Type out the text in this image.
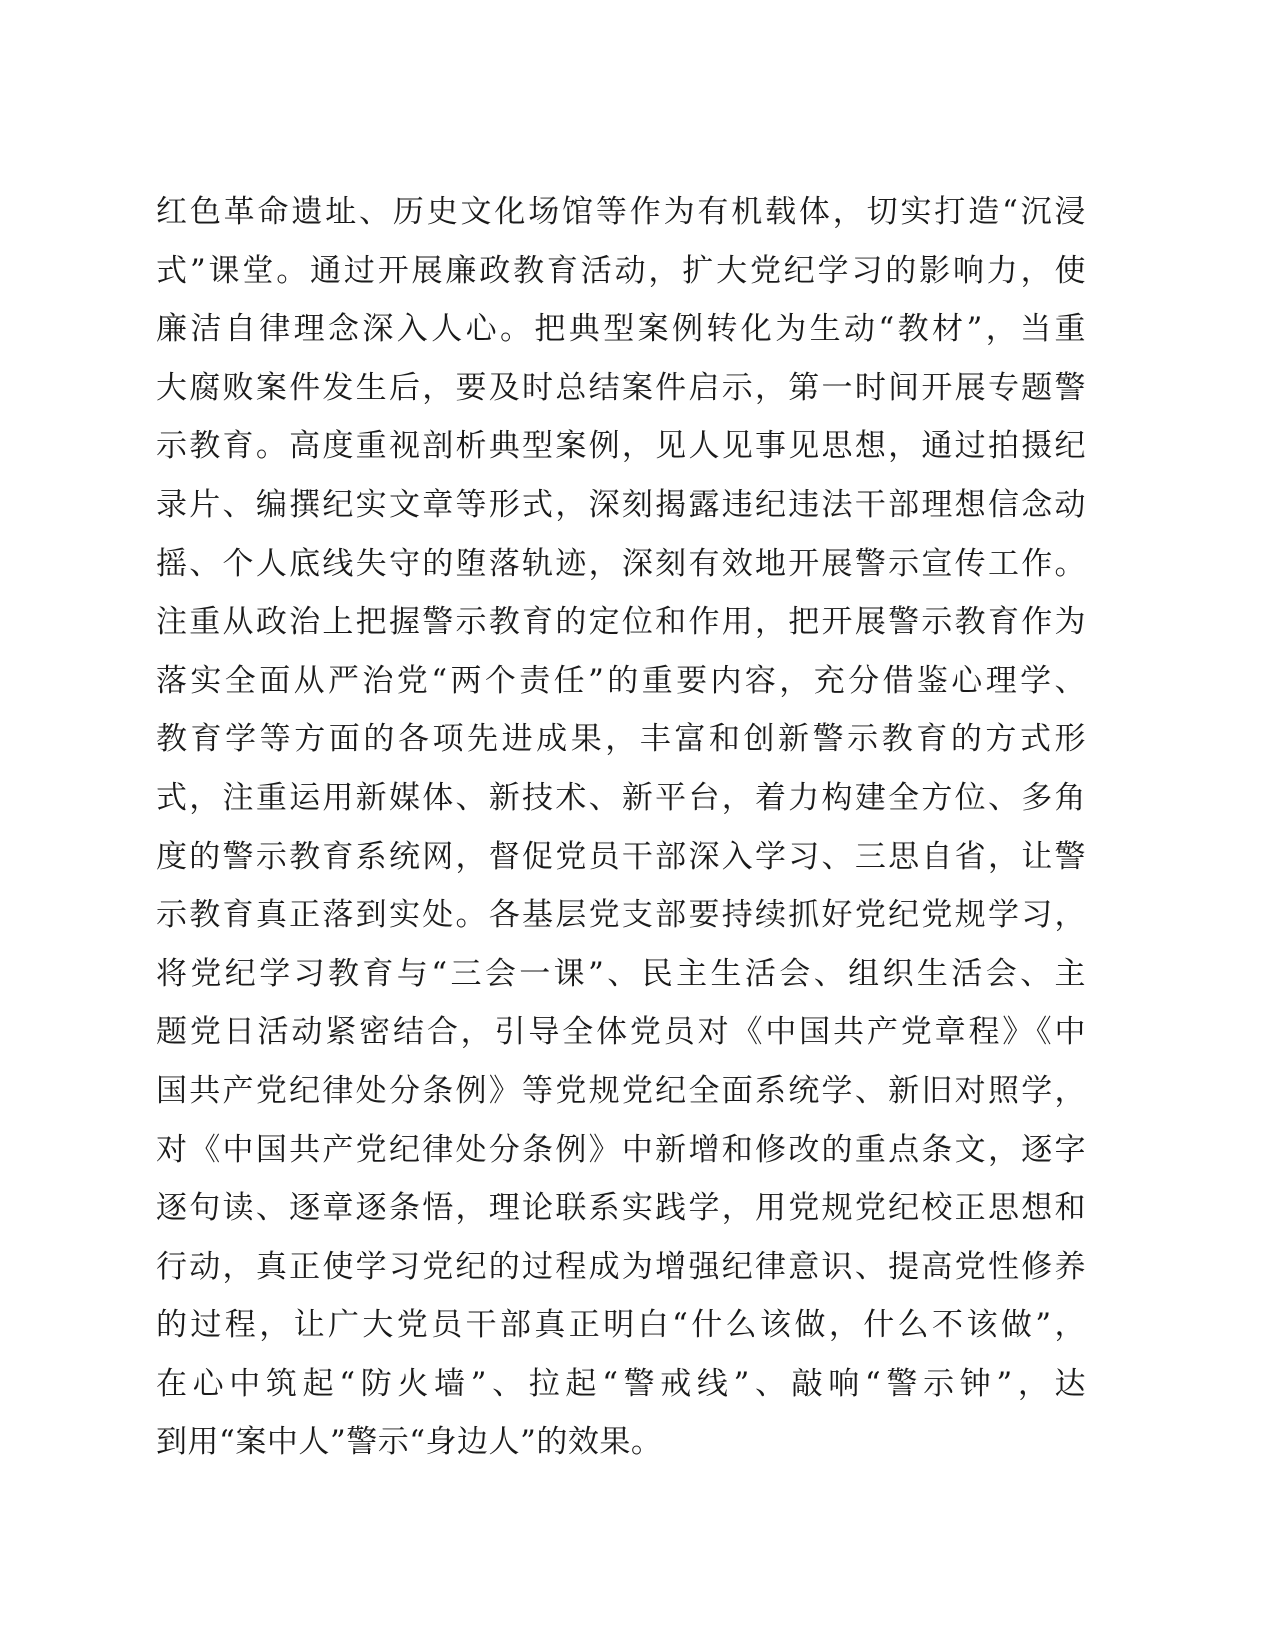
红色革命遗址、历史文化场馆等作为有机载体，切实打造“沉浸
式”课堂。通过开展廉政教育活动，扩大党纪学习的影响力，使
廉洁自律理念深入人心。把典型案例转化为生动“教材”，当重
大腐败案件发生后，要及时总结案件启示，第一时间开展专题警
示教育。高度重视剖析典型案例，见人见事见思想，通过拍摄纪
录片、编撰纪实文章等形式，深刻揭露违纪违法干部理想信念动
摇、个人底线失守的堕落轨迹，深刻有效地开展警示宣传工作。
注重从政治上把握警示教育的定位和作用，把开展警示教育作为
落实全面从严治党“两个责任”的重要内容，充分借鉴心理学、
教育学等方面的各项先进成果，丰富和创新警示教育的方式形
式，注重运用新媒体、新技术、新平台，着力构建全方位、多角
度的警示教育系统网，督促党员干部深入学习、三思自省，让警
示教育真正落到实处。各基层党支部要持续抓好党纪党规学习，
将党纪学习教育与“三会一课”、民主生活会、组织生活会、主
题党日活动紧密结合，引导全体党员对《中国共产党章程》《中
国共产党纪律处分条例》等党规党纪全面系统学、新旧对照学，
对《中国共产党纪律处分条例》中新增和修改的重点条文，逐字
逐句读、逐章逐条悟，理论联系实践学，用党规党纪校正思想和
行动，真正使学习党纪的过程成为增强纪律意识、提高党性修养
的过程，让广大党员干部真正明白“什么该做，什么不该做”，
在心中筑起“防火墙”、拉起“警戒线”、敲响“警示钟”，达
到用“案中人”警示“身边人”的效果。
